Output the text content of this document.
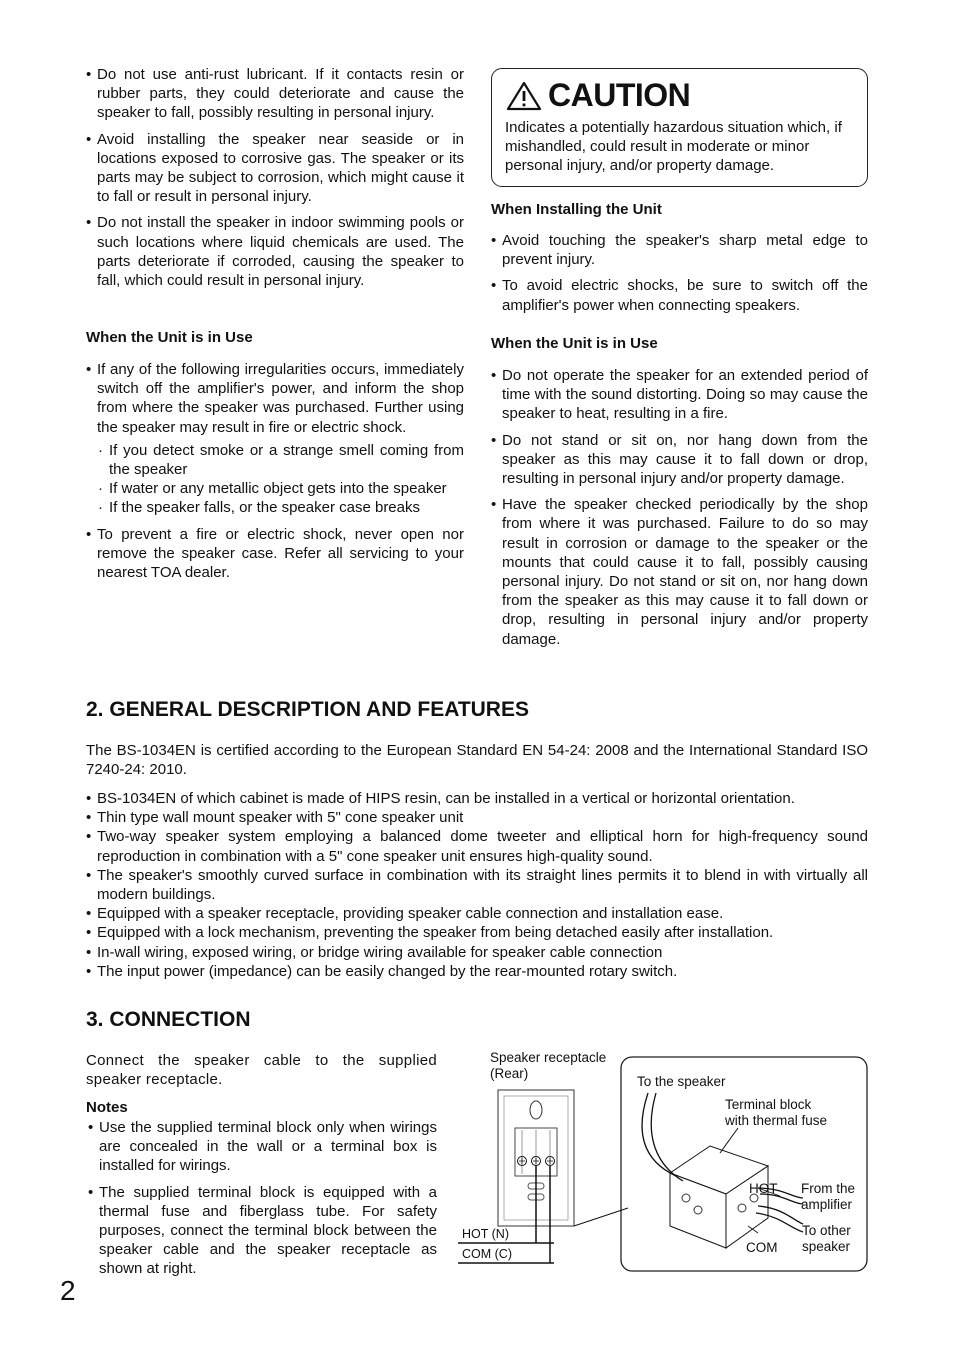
• Do not use anti-rust lubricant. If it contacts resin or rubber parts, they could deteriorate and cause the speaker to fall, possibly resulting in personal injury.
• Avoid installing the speaker near seaside or in locations exposed to corrosive gas. The speaker or its parts may be subject to corrosion, which might cause it to fall or result in personal injury.
• Do not install the speaker in indoor swimming pools or such locations where liquid chemicals are used. The parts deteriorate if corroded, causing the speaker to fall, which could result in personal injury.
When the Unit is in Use
• If any of the following irregularities occurs, immediately switch off the amplifier's power, and inform the shop from where the speaker was purchased. Further using the speaker may result in fire or electric shock.
· If you detect smoke or a strange smell coming from the speaker
· If water or any metallic object gets into the speaker
· If the speaker falls, or the speaker case breaks
• To prevent a fire or electric shock, never open nor remove the speaker case. Refer all servicing to your nearest TOA dealer.
CAUTION

Indicates a potentially hazardous situation which, if mishandled, could result in moderate or minor personal injury, and/or property damage.

When Installing the Unit
• Avoid touching the speaker's sharp metal edge to prevent injury.
• To avoid electric shocks, be sure to switch off the amplifier's power when connecting speakers.
When the Unit is in Use
• Do not operate the speaker for an extended period of time with the sound distorting. Doing so may cause the speaker to heat, resulting in a fire.
• Do not stand or sit on, nor hang down from the speaker as this may cause it to fall down or drop, resulting in personal injury and/or property damage.
• Have the speaker checked periodically by the shop from where it was purchased. Failure to do so may result in corrosion or damage to the speaker or the mounts that could cause it to fall, possibly causing personal injury. Do not stand or sit on, nor hang down from the speaker as this may cause it to fall down or drop, resulting in personal injury and/or property damage.
2. GENERAL DESCRIPTION AND FEATURES
The BS-1034EN is certified according to the European Standard EN 54-24: 2008 and the International Standard ISO 7240-24: 2010.
• BS-1034EN of which cabinet is made of HIPS resin, can be installed in a vertical or horizontal orientation.
• Thin type wall mount speaker with 5" cone speaker unit
• Two-way speaker system employing a balanced dome tweeter and elliptical horn for high-frequency sound reproduction in combination with a 5" cone speaker unit ensures high-quality sound.
• The speaker's smoothly curved surface in combination with its straight lines permits it to blend in with virtually all modern buildings.
• Equipped with a speaker receptacle, providing speaker cable connection and installation ease.
• Equipped with a lock mechanism, preventing the speaker from being detached easily after installation.
• In-wall wiring, exposed wiring, or bridge wiring available for speaker cable connection
• The input power (impedance) can be easily changed by the rear-mounted rotary switch.
3. CONNECTION
Connect the speaker cable to the supplied speaker receptacle.
Notes
• Use the supplied terminal block only when wirings are concealed in the wall or a terminal box is installed for wirings.
• The supplied terminal block is equipped with a thermal fuse and fiberglass tube. For safety purposes, connect the terminal block between the speaker cable and the speaker receptacle as shown at right.
Speaker receptacle
(Rear)
To the speaker
Terminal block
with thermal fuse
HOT
COM
From the
amplifier
To other
speaker
HOT (N)
COM (C)
2
